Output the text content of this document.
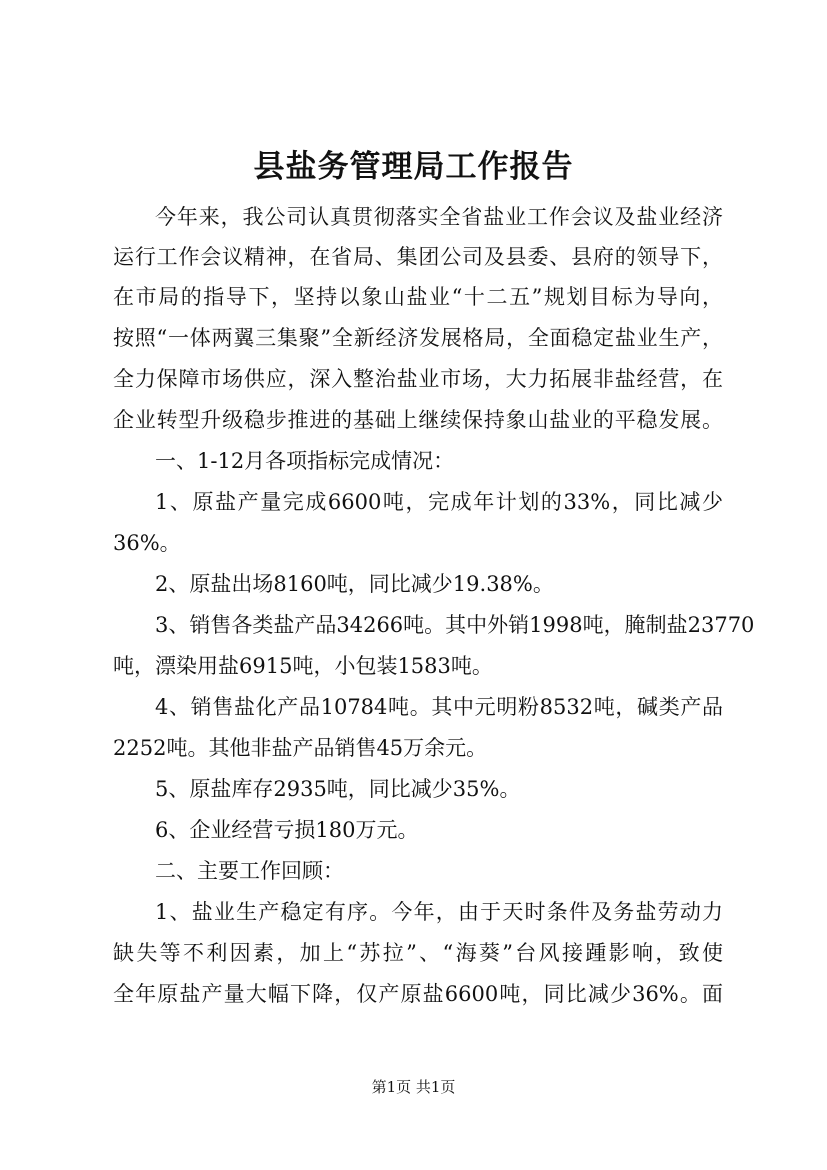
县盐务管理局工作报告
今年来，我公司认真贯彻落实全省盐业工作会议及盐业经济
运行工作会议精神，在省局、集团公司及县委、县府的领导下，
在市局的指导下，坚持以象山盐业“十二五”规划目标为导向，
按照“一体两翼三集聚”全新经济发展格局，全面稳定盐业生产，
全力保障市场供应，深入整治盐业市场，大力拓展非盐经营，在
企业转型升级稳步推进的基础上继续保持象山盐业的平稳发展。
一、1-12月各项指标完成情况：
1、原盐产量完成6600吨，完成年计划的33%，同比减少
36%。
2、原盐出场8160吨，同比减少19.38%。
3、销售各类盐产品34266吨。其中外销1998吨，腌制盐23770
吨，漂染用盐6915吨，小包装1583吨。
4、销售盐化产品10784吨。其中元明粉8532吨，碱类产品
2252吨。其他非盐产品销售45万余元。
5、原盐库存2935吨，同比减少35%。
6、企业经营亏损180万元。
二、主要工作回顾：
1、盐业生产稳定有序。今年，由于天时条件及务盐劳动力
缺失等不利因素，加上“苏拉”、“海葵”台风接踵影响，致使
全年原盐产量大幅下降，仅产原盐6600吨，同比减少36%。面
第1页 共1页
